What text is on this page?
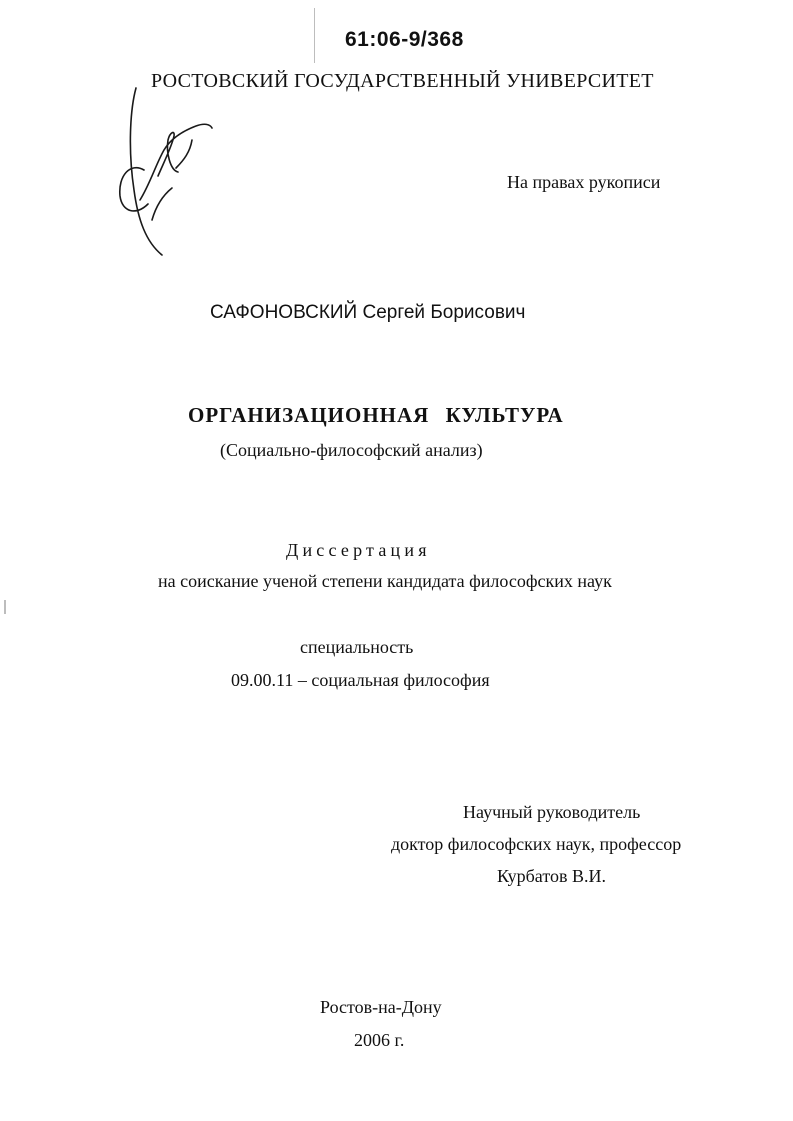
61:06-9/368
РОСТОВСКИЙ ГОСУДАРСТВЕННЫЙ УНИВЕРСИТЕТ
На правах рукописи
САФОНОВСКИЙ Сергей Борисович
ОРГАНИЗАЦИОННАЯ КУЛЬТУРА
(Социально-философский анализ)
Диссертация
на соискание ученой степени кандидата философских наук
специальность
09.00.11 – социальная философия
Научный руководитель
доктор философских наук, профессор
Курбатов В.И.
Ростов-на-Дону
2006 г.
